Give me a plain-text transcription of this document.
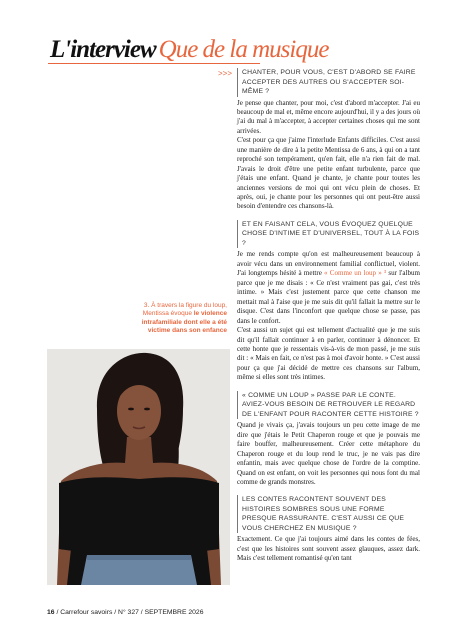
L'interview Que de la musique
>>> CHANTER, POUR VOUS, C'EST D'ABORD SE FAIRE ACCEPTER DES AUTRES OU S'ACCEPTER SOI-MÊME ?

Je pense que chanter, pour moi, c'est d'abord m'accepter. J'ai eu beaucoup de mal et, même encore aujourd'hui, il y a des jours où j'ai du mal à m'accepter, à accepter certaines choses qui me sont arrivées.

C'est pour ça que j'aime l'interlude Enfants difficiles. C'est aussi une manière de dire à la petite Mentissa de 6 ans, à qui on a tant reproché son tempérament, qu'en fait, elle n'a rien fait de mal. J'avais le droit d'être une petite enfant turbulente, parce que j'étais une enfant. Quand je chante, je chante pour toutes les anciennes versions de moi qui ont vécu plein de choses. Et après, oui, je chante pour les personnes qui ont peut-être aussi besoin d'entendre ces chansons-là.

ET EN FAISANT CELA, VOUS ÉVOQUEZ QUELQUE CHOSE D'INTIME ET D'UNIVERSEL, TOUT À LA FOIS ?

Je me rends compte qu'on est malheureusement beaucoup à avoir vécu dans un environnement familial conflictuel, violent. J'ai longtemps hésité à mettre « Comme un loup » ³ sur l'album parce que je me disais : « Ce n'est vraiment pas gai, c'est très intime. » Mais c'est justement parce que cette chanson me mettait mal à l'aise que je me suis dit qu'il fallait la mettre sur le disque. C'est dans l'inconfort que quelque chose se passe, pas dans le confort.

C'est aussi un sujet qui est tellement d'actualité que je me suis dit qu'il fallait continuer à en parler, continuer à dénoncer. Et cette honte que je ressentais vis-à-vis de mon passé, je me suis dit : « Mais en fait, ce n'est pas à moi d'avoir honte. » C'est aussi pour ça que j'ai décidé de mettre ces chansons sur l'album, même si elles sont très intimes.

« COMME UN LOUP » PASSE PAR LE CONTE. AVIEZ-VOUS BESOIN DE RETROUVER LE REGARD DE L'ENFANT POUR RACONTER CETTE HISTOIRE ?

Quand je vivais ça, j'avais toujours un peu cette image de me dire que j'étais le Petit Chaperon rouge et que je pouvais me faire bouffer, malheureusement. Créer cette métaphore du Chaperon rouge et du loup rend le truc, je ne vais pas dire enfantin, mais avec quelque chose de l'ordre de la comptine. Quand on est enfant, on voit les personnes qui nous font du mal comme de grands monstres.

LES CONTES RACONTENT SOUVENT DES HISTOIRES SOMBRES SOUS UNE FORME PRESQUE RASSURANTE. C'EST AUSSI CE QUE VOUS CHERCHEZ EN MUSIQUE ?

Exactement. Ce que j'ai toujours aimé dans les contes de fées, c'est que les histoires sont souvent assez glauques, assez dark. Mais c'est tellement romantisé qu'en tant

3. À travers la figure du loup, Mentissa évoque le violence intrafamiliale dont elle a été victime dans son enfance
16 / Carrefour savoirs / N° 327 / SEPTEMBRE 2026
